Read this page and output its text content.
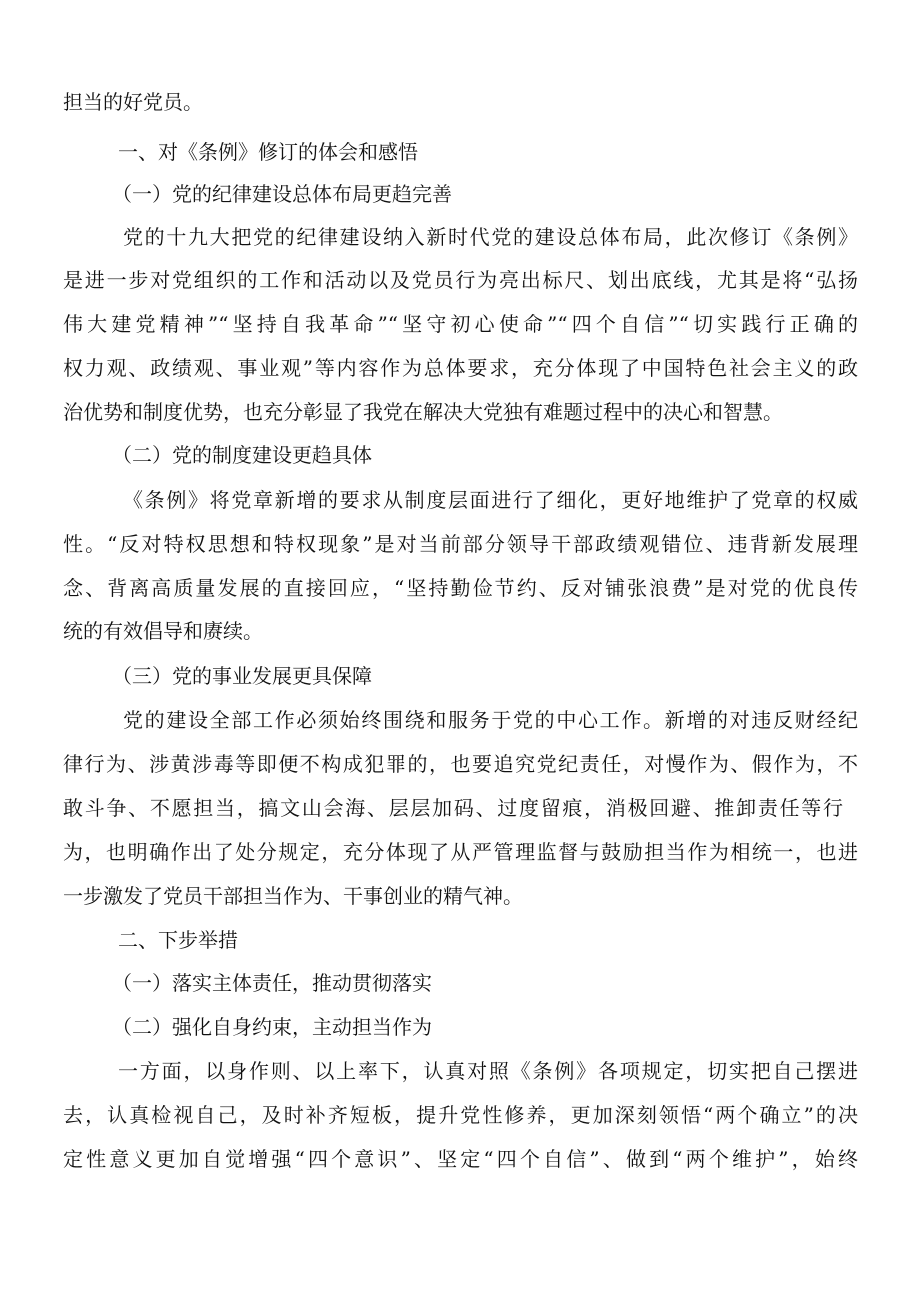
担当的好党员。
一、对《条例》修订的体会和感悟
（一）党的纪律建设总体布局更趋完善
党的十九大把党的纪律建设纳入新时代党的建设总体布局，此次修订《条例》
是进一步对党组织的工作和活动以及党员行为亮出标尺、划出底线，尤其是将“弘扬
伟大建党精神”“坚持自我革命”“坚守初心使命”“四个自信”“切实践行正确的
权力观、政绩观、事业观”等内容作为总体要求，充分体现了中国特色社会主义的政
治优势和制度优势，也充分彰显了我党在解决大党独有难题过程中的决心和智慧。
（二）党的制度建设更趋具体
《条例》将党章新增的要求从制度层面进行了细化，更好地维护了党章的权威
性。“反对特权思想和特权现象”是对当前部分领导干部政绩观错位、违背新发展理
念、背离高质量发展的直接回应，“坚持勤俭节约、反对铺张浪费”是对党的优良传
统的有效倡导和赓续。
（三）党的事业发展更具保障
党的建设全部工作必须始终围绕和服务于党的中心工作。新增的对违反财经纪
律行为、涉黄涉毒等即便不构成犯罪的，也要追究党纪责任，对慢作为、假作为，不
敢斗争、不愿担当，搞文山会海、层层加码、过度留痕，消极回避、推卸责任等行
为，也明确作出了处分规定，充分体现了从严管理监督与鼓励担当作为相统一，也进
一步激发了党员干部担当作为、干事创业的精气神。
二、下步举措
（一）落实主体责任，推动贯彻落实
（二）强化自身约束，主动担当作为
一方面，以身作则、以上率下，认真对照《条例》各项规定，切实把自己摆进
去，认真检视自己，及时补齐短板，提升党性修养，更加深刻领悟“两个确立”的决
定性意义更加自觉增强“四个意识”、坚定“四个自信”、做到“两个维护”，始终
